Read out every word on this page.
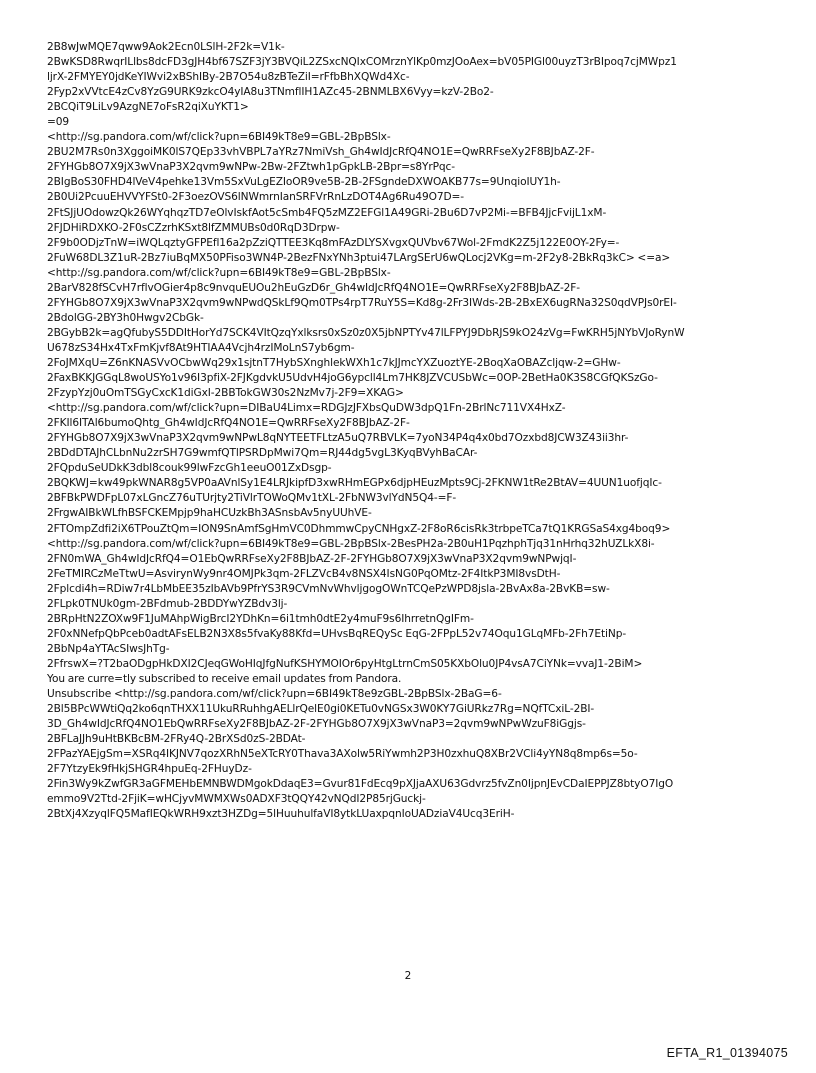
2B8wJwMQE7qww9Aok2Ecn0LSlH-2F2k=V1k-
2BwKSD8RwqrILlbs8dcFD3gJH4bf67SZF3jY3BVQiL2ZSxcNQIxCOMrznYlKp0mzJOoAex=bV05PIGl00uyzT3rBIpoq7cjMWpz1
ljrX-2FMYEY0jdKeYIWvi2xBShIBy-2B7O54u8zBTeZiI=rFfbBhXQWd4Xc-
2Fyp2xVVtcE4zCv8YzG9URK9zkcO4yIA8u3TNmflIH1AZc45-2BNMLBX6Vyy=kzV-2Bo2-
2BCQiT9LiLv9AzgNE7oFsR2qiXuYKT1>
=09
<http://sg.pandora.com/wf/click?upn=6BI49kT8e9=GBL-2BpBSlx-
2BU2M7Rs0n3XggoiMK0lS7QEp33vhVBPL7aYRz7NmiVsh_Gh4wIdJcRfQ4NO1E=QwRRFseXy2F8BJbAZ-2F-
2FYHGb8O7X9jX3wVnaP3X2qvm9wNPw-2Bw-2FZtwh1pGpkLB-2Bpr=s8YrPqc-
2BIgBoS30FHD4lVeV4pehke13Vm5SxVuLgEZIoOR9ve5B-2B-2FSgndeDXWOAKB77s=9UnqioIUY1h-
2B0Ui2PcuuEHVVYFSt0-2F3oezOVS6lNWmrnIanSRFVrRnLzDOT4Ag6Ru49O7D=-
2FtSJjUOdowzQk26WYqhqzTD7eOlvIskfAot5cSmb4FQ5zMZ2EFGl1A49GRi-2Bu6D7vP2Mi-=BFB4JjcFvijL1xM-
2FJDHiRDXKO-2F0sCZzrhKSxt8lfZMMUBs0d0RqD3Drpw-
2F9b0ODjzTnW=iWQLqztyGFPEfl16a2pZziQTTEE3Kq8mFAzDLYSXvgxQUVbv67Wol-2FmdK2Z5j122E0OY-2Fy=-
2FuW68DL3Z1uR-2Bz7iuBqMX50PFiso3WN4P-2BezFNxYNh3ptui47LArgSErU6wQLocj2VKg=m-2F2y8-2BkRq3kC> <=a>
<http://sg.pandora.com/wf/click?upn=6BI49kT8e9=GBL-2BpBSlx-
2BarV828fSCvH7rflvOGier4p8c9nvquEUOu2hEuGzD6r_Gh4wIdJcRfQ4NO1E=QwRRFseXy2F8BJbAZ-2F-
2FYHGb8O7X9jX3wVnaP3X2qvm9wNPwdQSkLf9Qm0TPs4rpT7RuY5S=Kd8g-2Fr3IWds-2B-2BxEX6ugRNa32S0qdVPJs0rEI-
2BdolGG-2BY3h0Hwgv2CbGk-
2BGybB2k=agQfubyS5DDItHorYd7SCK4VItQzqYxlksrs0xSz0z0X5jbNPTYv47lLFPYJ9DbRJS9kO24zVg=FwKRH5jNYbVJoRynW
U678zS34Hx4TxFmKjvf8At9HTIAA4Vcjh4rzIMoLnS7yb6gm-
2FoJMXqU=Z6nKNASVvOCbwWq29x1sjtnT7HybSXnghlekWXh1c7kJJmcYXZuoztYE-2BoqXaOBAZcljqw-2=GHw-
2FaxBKKJGGqL8woUSYo1v96I3pfiX-2FJKgdvkU5UdvH4joG6ypcll4Lm7HK8JZVCUSbWc=0OP-2BetHa0K3S8CGfQKSzGo-
2FzypYzj0uOmTSGyCxcK1diGxI-2BBTokGW30s2NzMv7j-2F9=XKAG>
<http://sg.pandora.com/wf/click?upn=DIBaU4Limx=RDGJzJFXbsQuDW3dpQ1Fn-2BrlNc711VX4HxZ-
2FKIl6ITAl6bumoQhtg_Gh4wIdJcRfQ4NO1E=QwRRFseXy2F8BJbAZ-2F-
2FYHGb8O7X9jX3wVnaP3X2qvm9wNPwL8qNYTEETFLtzA5uQ7RBVLK=7yoN34P4q4x0bd7Ozxbd8JCW3Z43ii3hr-
2BDdDTAJhCLbnNu2zrSH7G9wmfQTlPSRDpMwi7Qm=RJ44dg5vgL3KyqBVyhBaCAr-
2FQpduSeUDkK3dbl8couk99lwFzcGh1eeuO01ZxDsgp-
2BQKWJ=kw49pkWNAR8g5VP0aAVnlSy1E4LRJkipfD3xwRHmEGPx6djpHEuzMpts9Cj-2FKNW1tRe2BtAV=4UUN1uofjqIc-
2BFBkPWDFpL07xLGncZ76uTUrjty2TiVlrTOWoQMv1tXL-2FbNW3vlYdN5Q4-=F-
2FrgwAIBkWLfhBSFCKEMpjp9haHCUzkBh3ASnsbAv5nyUUhVE-
2FTOmpZdfi2iX6TPouZtQm=ION9SnAmfSgHmVC0DhmmwCpyCNHgxZ-2F8oR6cisRk3trbpeTCa7tQ1KRGSaS4xg4boq9>
<http://sg.pandora.com/wf/click?upn=6BI49kT8e9=GBL-2BpBSlx-2BesPH2a-2B0uH1PqzhphTjq31nHrhq32hUZLkX8i-
2FN0mWA_Gh4wIdJcRfQ4=O1EbQwRRFseXy2F8BJbAZ-2F-2FYHGb8O7X9jX3wVnaP3X2qvm9wNPwjqI-
2FeTMIRCzMeTtwU=AsvirynWy9nr4OMJPk3qm-2FLZVcB4v8NSX4IsNG0PqOMtz-2F4ItkP3MI8vsDtH-
2Fplcdi4h=RDiw7r4LbMbEE35zIbAVb9PfrYS3R9CVmNvWhvljgogOWnTCQePzWPD8jsla-2BvAx8a-2BvKB=sw-
2FLpk0TNUk0gm-2BFdmub-2BDDYwYZBdv3lj-
2BRpHtN2ZOXw9F1JuMAhpWigBrcI2YDhKn=6i1tmh0dtE2y4muF9s6IhrretnQgIFm-
2F0xNNefpQbPceb0adtAFsELB2N3X8s5fvaKy88Kfd=UHvsBqREQySc EqG-2FPpL52v74Oqu1GLqMFb-2Fh7EtiNp-
2BbNp4aYTAcSIwsJhTg-
2FfrswX=?T2baODgpHkDXI2CJeqGWoHIqJfgNufKSHYMOIOr6pyHtgLtrnCmS05KXbOlu0JP4vsA7CiYNk=vvaJ1-2BiM>
You are curre=tly subscribed to receive email updates from Pandora.
Unsubscribe <http://sg.pandora.com/wf/click?upn=6BI49kT8e9zGBL-2BpBSlx-2BaG=6-
2Bl5BPcWWtiQq2ko6qnTHXX11UkuRRuhhgAELlrQelE0gi0KETu0vNGSx3W0KY7GiURkz7Rg=NQfTCxiL-2BI-
3D_Gh4wIdJcRfQ4NO1EbQwRRFseXy2F8BJbAZ-2F-2FYHGb8O7X9jX3wVnaP3=2qvm9wNPwWzuF8iGgjs-
2BFLaJJh9uHtBKBcBM-2FRy4Q-2BrXSd0zS-2BDAt-
2FPazYAEjgSm=XSRq4IKJNV7qozXRhN5eXTcRY0Thava3AXolw5RiYwmh2P3H0zxhuQ8XBr2VCli4yYN8q8mp6s=5o-
2F7YtzyEk9fHkjSHGR4hpuEq-2FHuyDz-
2Fin3Wy9kZwfGR3aGFMEHbEMNBWDMgokDdaqE3=Gvur81FdEcq9pXJjaAXU63Gdvrz5fvZn0IjpnJEvCDaIEPPJZ8btyO7IgO
emmo9V2Ttd-2FjiK=wHCjyvMWMXWs0ADXF3tQQY42vNQdI2P85rjGuckj-
2BtXj4XzyqlFQ5MafIEQkWRH9xzt3HZDg=5lHuuhulfaVI8ytkLUaxpqnIoUADziaV4Ucq3EriH-
2
EFTA_R1_01394075
